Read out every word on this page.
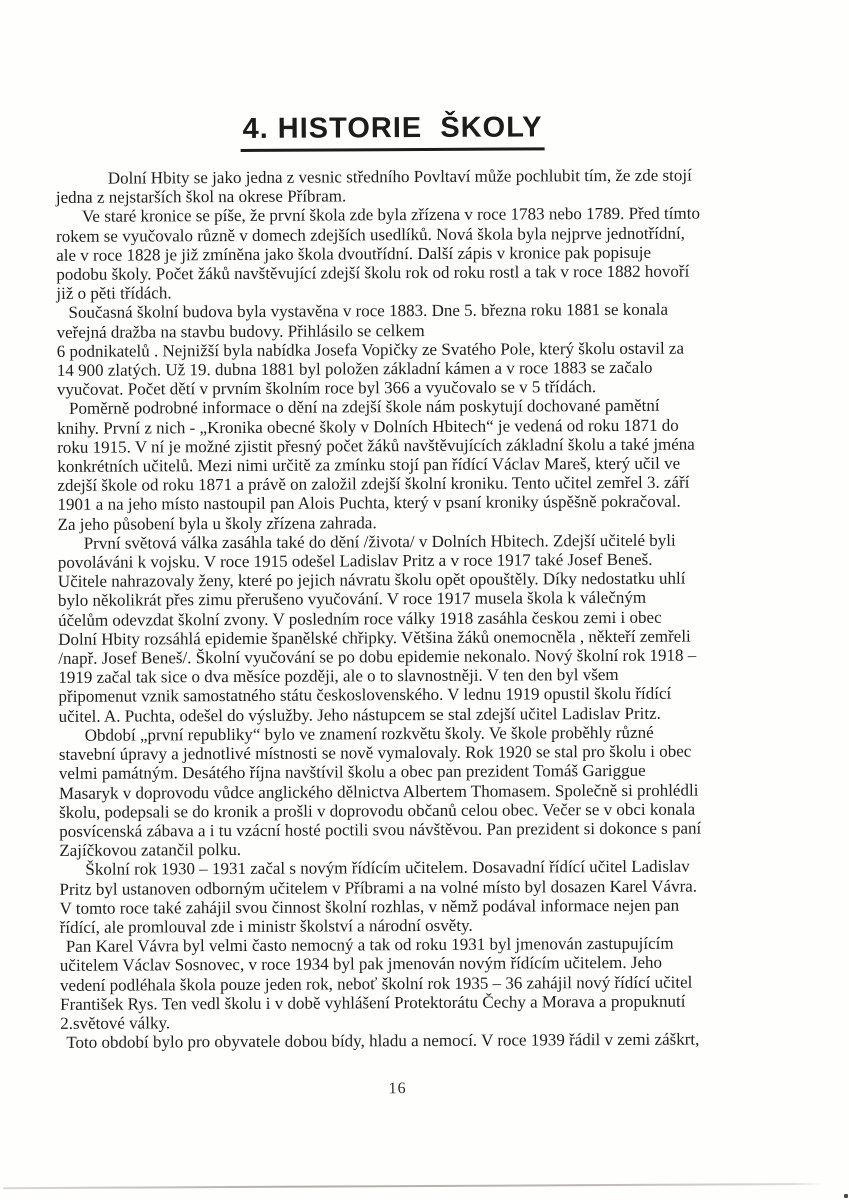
4. HISTORIE  ŠKOLY
Dolní Hbity se jako jedna z vesnic středního Povltaví může pochlubit tím, že zde stojí
jedna z nejstarších škol na okrese Příbram.
Ve staré kronice se píše, že první škola zde byla zřízena v roce 1783 nebo 1789. Před tímto
rokem se vyučovalo různě v domech zdejších usedlíků. Nová škola byla nejprve jednotřídní,
ale v roce 1828 je již zmíněna jako škola dvoutřídní. Další zápis v kronice pak popisuje
podobu školy. Počet žáků navštěvující zdejší školu rok od roku rostl a tak v roce 1882 hovoří
již o pěti třídách.
Současná školní budova byla vystavěna v roce 1883. Dne 5. března roku 1881 se konala
veřejná dražba na stavbu budovy. Přihlásilo se celkem
6 podnikatelů . Nejnižší byla nabídka Josefa Vopičky ze Svatého Pole, který školu ostavil za
14 900 zlatých. Už 19. dubna 1881 byl položen základní kámen a v roce 1883 se začalo
vyučovat. Počet dětí v prvním školním roce byl 366 a vyučovalo se v 5 třídách.
Poměrně podrobné informace o dění na zdejší škole nám poskytují dochované pamětní
knihy. První z nich - „Kronika obecné školy v Dolních Hbitech“ je vedená od roku 1871 do
roku 1915. V ní je možné zjistit přesný počet žáků navštěvujících základní školu a také jména
konkrétních učitelů. Mezi nimi určitě za zmínku stojí pan řídící Václav Mareš, který učil ve
zdejší škole od roku 1871 a právě on založil zdejší školní kroniku. Tento učitel zemřel 3. září
1901 a na jeho místo nastoupil pan Alois Puchta, který v psaní kroniky úspěšně pokračoval.
Za jeho působení byla u školy zřízena zahrada.
První světová válka zasáhla také do dění /života/ v Dolních Hbitech. Zdejší učitelé byli
povoláváni k vojsku. V roce 1915 odešel Ladislav Pritz a v roce 1917 také Josef Beneš.
Učitele nahrazovaly ženy, které po jejich návratu školu opět opouštěly. Díky nedostatku uhlí
bylo několikrát přes zimu přerušeno vyučování. V roce 1917 musela škola k válečným
účelům odevzdat školní zvony. V posledním roce války 1918 zasáhla českou zemi i obec
Dolní Hbity rozsáhlá epidemie španělské chřipky. Většina žáků onemocněla , někteří zemřeli
/např. Josef Beneš/. Školní vyučování se po dobu epidemie nekonalo. Nový školní rok 1918 –
1919 začal tak sice o dva měsíce později, ale o to slavnostněji. V ten den byl všem
připomenut vznik samostatného státu československého. V lednu 1919 opustil školu řídící
učitel. A. Puchta, odešel do výslužby. Jeho nástupcem se stal zdejší učitel Ladislav Pritz.
Období „první republiky“ bylo ve znamení rozkvětu školy. Ve škole proběhly různé
stavební úpravy a jednotlivé místnosti se nově vymalovaly. Rok 1920 se stal pro školu i obec
velmi památným. Desátého října navštívil školu a obec pan prezident Tomáš Gariggue
Masaryk v doprovodu vůdce anglického dělnictva Albertem Thomasem. Společně si prohlédli
školu, podepsali se do kronik a prošli v doprovodu občanů celou obec. Večer se v obci konala
posvícenská zábava a i tu vzácní hosté poctili svou návštěvou. Pan prezident si dokonce s paní
Zajíčkovou zatančil polku.
Školní rok 1930 – 1931 začal s novým řídícím učitelem. Dosavadní řídící učitel Ladislav
Pritz byl ustanoven odborným učitelem v Příbrami a na volné místo byl dosazen Karel Vávra.
V tomto roce také zahájil svou činnost školní rozhlas, v němž podával informace nejen pan
řídící, ale promlouval zde i ministr školství a národní osvěty.
Pan Karel Vávra byl velmi často nemocný a tak od roku 1931 byl jmenován zastupujícím
učitelem Václav Sosnovec, v roce 1934 byl pak jmenován novým řídícím učitelem. Jeho
vedení podléhala škola pouze jeden rok, neboť školní rok 1935 – 36 zahájil nový řídící učitel
František Rys. Ten vedl školu i v době vyhlášení Protektorátu Čechy a Morava a propuknutí
2.světové války.
Toto období bylo pro obyvatele dobou bídy, hladu a nemocí. V roce 1939 řádil v zemi záškrt,
16
